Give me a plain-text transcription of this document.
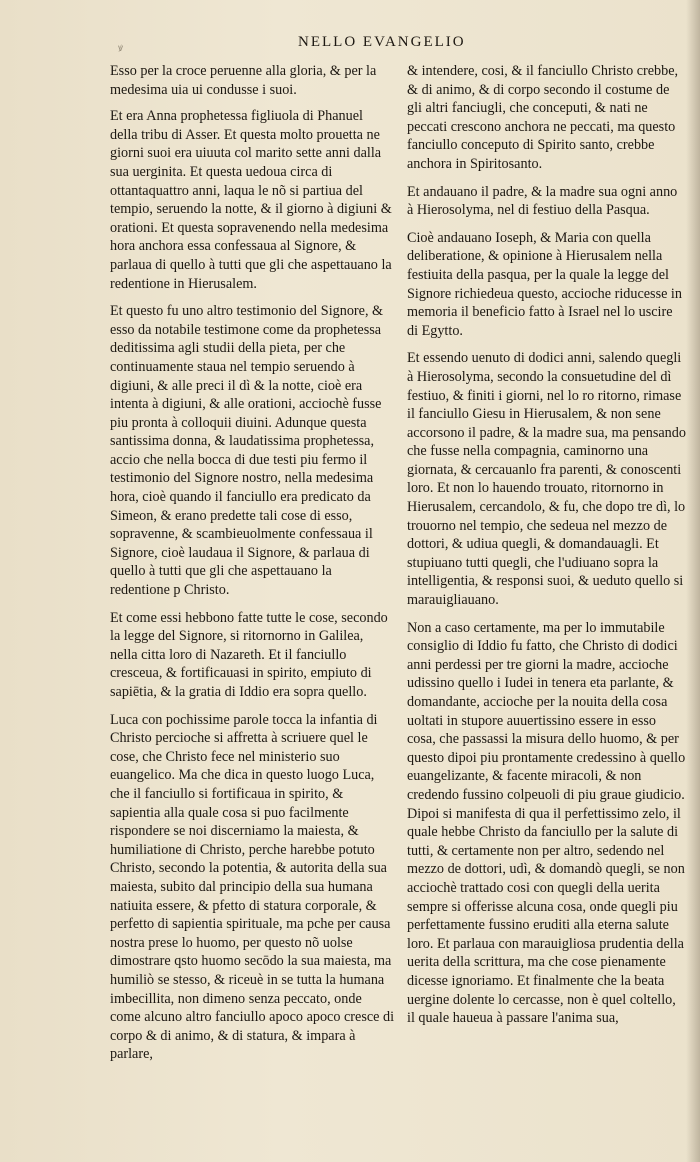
ꝟ	NELLO EVANGELIO

Esso per la croce peruenne alla gloria, & per la medesima uia ui condusse i suoi.

Et era Anna prophetessa figliuola di Phanuel della tribu di Asser. Et questa molto prouetta ne giorni suoi era uiuuta col marito sette anni dalla sua uerginita. Et questa uedoua circa di ottantaquattro anni, laqua le nõ si partiua del tempio, seruendo la notte, & il giorno à digiuni & orationi. Et questa sopravenendo nella medesima hora anchora essa confessaua al Signore, & parlaua di quello à tutti que gli che aspettauano la redentione in Hierusalem.

Et questo fu uno altro testimonio del Signore, & esso da notabile testimone come da prophetessa deditissima agli studii della pieta, per che continuamente staua nel tempio seruendo à digiuni, & alle preci il dì & la notte, cioè era intenta à digiuni, & alle orationi, acciochè fusse piu pronta à colloquii diuini. Adunque questa santissima donna, & laudatissima prophetessa, accio che nella bocca di due testi piu fermo il testimonio del Signore nostro, nella medesima hora, cioè quando il fanciullo era predicato da Simeon, & erano predette tali cose di esso, sopravenne, & scambieuolmente confessaua il Signore, cioè laudaua il Signore, & parlaua di quello à tutti que gli che aspettauano la redentione p Christo.

Et come essi hebbono fatte tutte le cose, secondo la legge del Signore, si ritornorno in Galilea, nella citta loro di Nazareth. Et il fanciullo cresceua, & fortificauasi in spirito, empiuto di sapiētia, & la gratia di Iddio era sopra quello.

Luca con pochissime parole tocca la infantia di Christo percioche si affretta à scriuere quel le cose, che Christo fece nel ministerio suo euangelico. Ma che dica in questo luogo Luca, che il fanciullo si fortificaua in spirito, & sapientia alla quale cosa si puo facilmente rispondere se noi discerniamo la maiesta, & humiliatione di Christo, perche harebbe potuto Christo, secondo la potentia, & autorita della sua maiesta, subito dal principio della sua humana natiuita essere, & pfetto di statura corporale, & perfetto di sapientia spirituale, ma pche per causa nostra prese lo huomo, per questo nõ uolse dimostrare qsto huomo secōdo la sua maiesta, ma humiliò se stesso, & riceuè in se tutta la humana imbecillita, non dimeno senza peccato, onde come alcuno altro fanciullo apoco apoco cresce di corpo & di animo, & di statura, & impara à parlare,

& intendere, cosi, & il fanciullo Christo crebbe, & di animo, & di corpo secondo il costume de gli altri fanciugli, che conceputi, & nati ne peccati crescono anchora ne peccati, ma questo fanciullo conceputo di Spirito santo, crebbe anchora in Spiritosanto.

Et andauano il padre, & la madre sua ogni anno à Hierosolyma, nel di festiuo della Pasqua.

Cioè andauano Ioseph, & Maria con quella deliberatione, & opinione à Hierusalem nella festiuita della pasqua, per la quale la legge del Signore richiedeua questo, accioche riducesse in memoria il beneficio fatto à Israel nel lo uscire di Egytto.

Et essendo uenuto di dodici anni, salendo quegli à Hierosolyma, secondo la consuetudine del dì festiuo, & finiti i giorni, nel lo ro ritorno, rimase il fanciullo Giesu in Hierusalem, & non sene accorsono il padre, & la madre sua, ma pensando che fusse nella compagnia, caminorno una giornata, & cercauanlo fra parenti, & conoscenti loro. Et non lo hauendo trouato, ritornorno in Hierusalem, cercandolo, & fu, che dopo tre dì, lo trouorno nel tempio, che sedeua nel mezzo de dottori, & udiua quegli, & domandauagli. Et stupiuano tutti quegli, che l'udiuano sopra la intelligentia, & responsi suoi, & ueduto quello si marauigliauano.

Non a caso certamente, ma per lo immutabile consiglio di Iddio fu fatto, che Christo di dodici anni perdessi per tre giorni la madre, accioche udissino quello i Iudei in tenera eta parlante, & domandante, accioche per la nouita della cosa uoltati in stupore auuertissino essere in esso cosa, che passassi la misura dello huomo, & per questo dipoi piu prontamente credessino à quello euangelizante, & facente miracoli, & non credendo fussino colpeuoli di piu graue giudicio. Dipoi si manifesta di qua il perfettissimo zelo, il quale hebbe Christo da fanciullo per la salute di tutti, & certamente non per altro, sedendo nel mezzo de dottori, udì, & domandò quegli, se non acciochè trattado cosi con quegli della uerita sempre si offerisse alcuna cosa, onde quegli piu perfettamente fussino eruditi alla eterna salute loro. Et parlaua con marauigliosa prudentia della uerita della scrittura, ma che cose pienamente dicesse ignoriamo. Et finalmente che la beata uergine dolente lo cercasse, non è quel coltello, il quale haueua à passare l'anima sua,
